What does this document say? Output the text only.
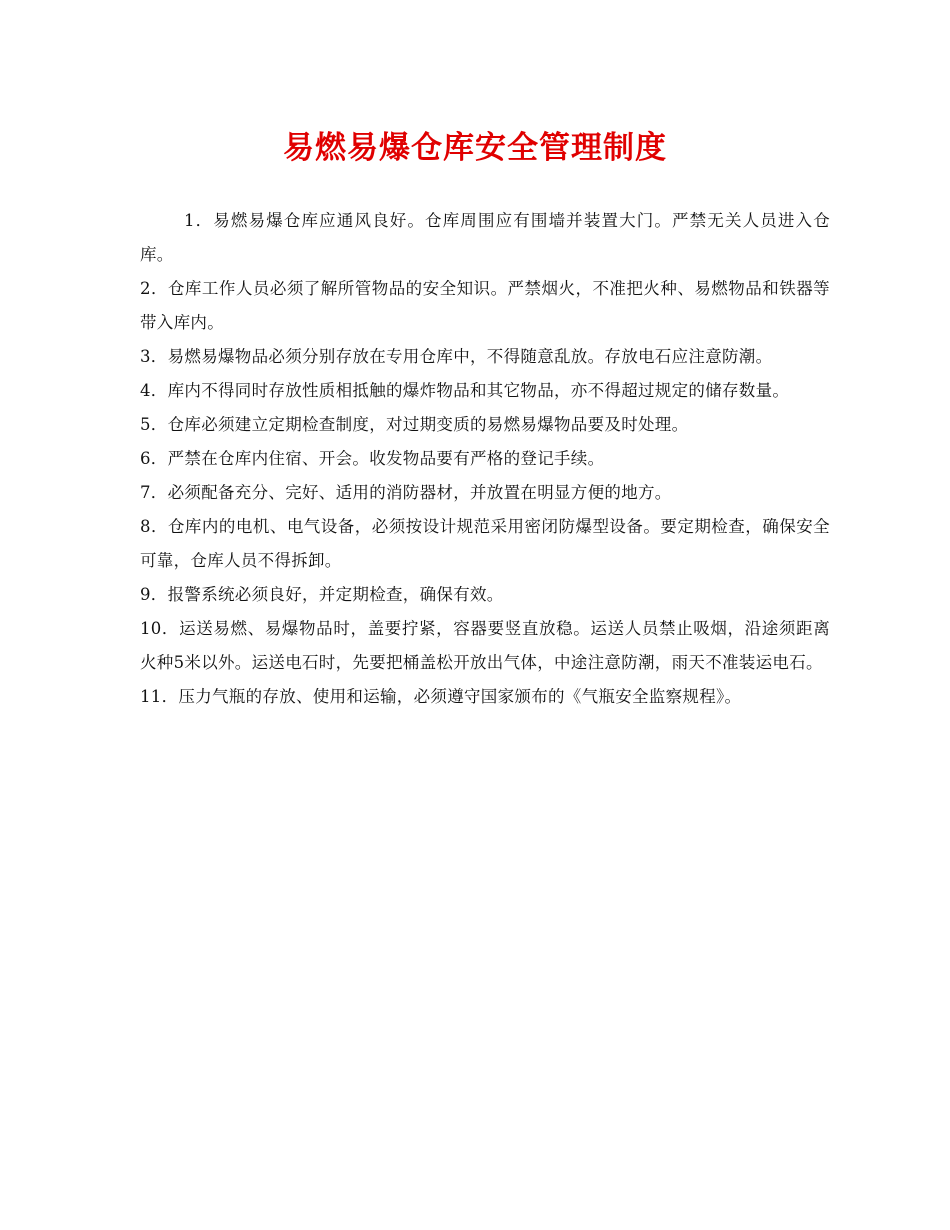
易燃易爆仓库安全管理制度

1．易燃易爆仓库应通风良好。仓库周围应有围墙并装置大门。严禁无关人员进入仓库。

2．仓库工作人员必须了解所管物品的安全知识。严禁烟火，不准把火种、易燃物品和铁器等带入库内。

3．易燃易爆物品必须分别存放在专用仓库中，不得随意乱放。存放电石应注意防潮。

4．库内不得同时存放性质相抵触的爆炸物品和其它物品，亦不得超过规定的储存数量。

5．仓库必须建立定期检查制度，对过期变质的易燃易爆物品要及时处理。

6．严禁在仓库内住宿、开会。收发物品要有严格的登记手续。

7．必须配备充分、完好、适用的消防器材，并放置在明显方便的地方。

8．仓库内的电机、电气设备，必须按设计规范采用密闭防爆型设备。要定期检查，确保安全可靠，仓库人员不得拆卸。

9．报警系统必须良好，并定期检查，确保有效。

10．运送易燃、易爆物品时，盖要拧紧，容器要竖直放稳。运送人员禁止吸烟，沿途须距离火种5米以外。运送电石时，先要把桶盖松开放出气体，中途注意防潮，雨天不准装运电石。

11．压力气瓶的存放、使用和运输，必须遵守国家颁布的《气瓶安全监察规程》。
